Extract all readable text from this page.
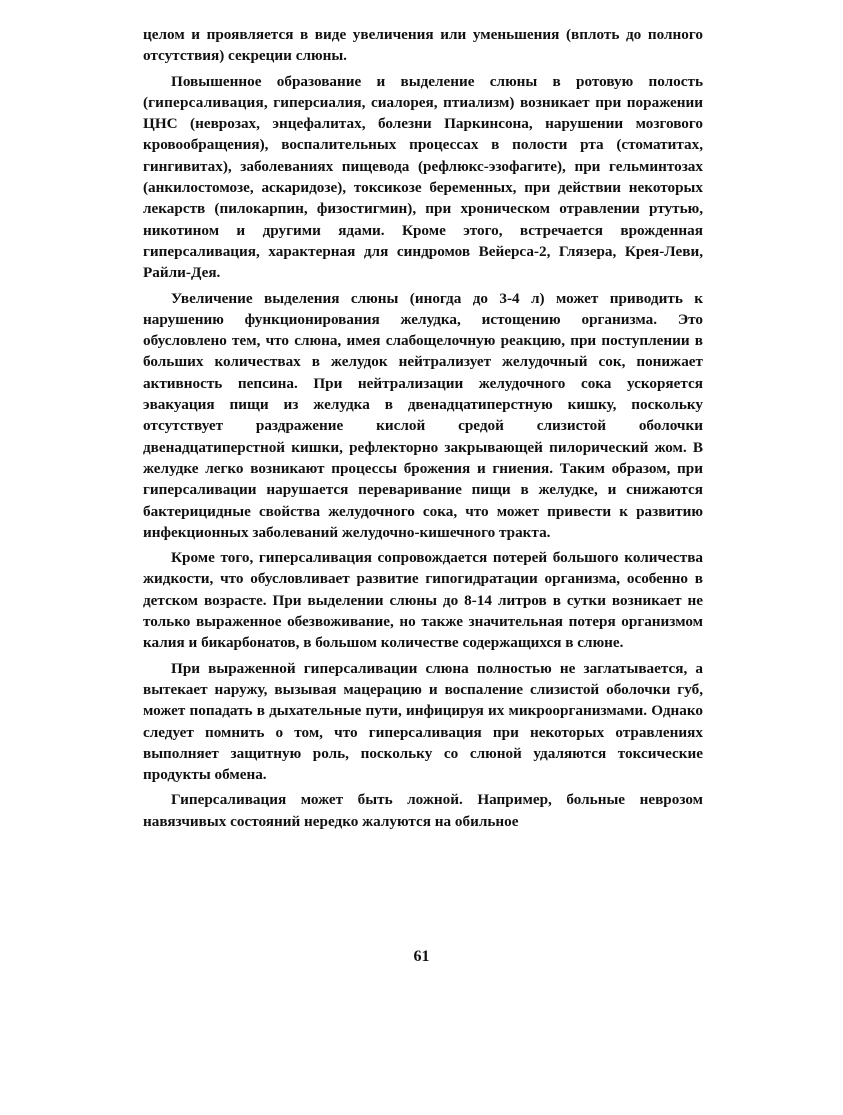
целом и проявляется в виде увеличения или уменьшения (вплоть до полного отсутствия) секреции слюны.

Повышенное образование и выделение слюны в ротовую полость (гиперсаливация, гиперсиалия, сиалорея, птиализм) возникает при поражении ЦНС (неврозах, энцефалитах, болезни Паркинсона, нарушении мозгового кровообращения), воспалительных процессах в полости рта (стоматитах, гингивитах), заболеваниях пищевода (рефлюкс-эзофагите), при гельминтозах (анкилостомозе, аскаридозе), токсикозе беременных, при действии некоторых лекарств (пилокарпин, физостигмин), при хроническом отравлении ртутью, никотином и другими ядами. Кроме этого, встречается врожденная гиперсаливация, характерная для синдромов Вейерса-2, Глязера, Крея-Леви, Райли-Дея.

Увеличение выделения слюны (иногда до 3-4 л) может приводить к нарушению функционирования желудка, истощению организма. Это обусловлено тем, что слюна, имея слабощелочную реакцию, при поступлении в больших количествах в желудок нейтрализует желудочный сок, понижает активность пепсина. При нейтрализации желудочного сока ускоряется эвакуация пищи из желудка в двенадцатиперстную кишку, поскольку отсутствует раздражение кислой средой слизистой оболочки двенадцатиперстной кишки, рефлекторно закрывающей пилорический жом. В желудке легко возникают процессы брожения и гниения. Таким образом, при гиперсаливации нарушается переваривание пищи в желудке, и снижаются бактерицидные свойства желудочного сока, что может привести к развитию инфекционных заболеваний желудочно-кишечного тракта.

Кроме того, гиперсаливация сопровождается потерей большого количества жидкости, что обусловливает развитие гипогидратации организма, особенно в детском возрасте. При выделении слюны до 8-14 литров в сутки возникает не только выраженное обезвоживание, но также значительная потеря организмом калия и бикарбонатов, в большом количестве содержащихся в слюне.

При выраженной гиперсаливации слюна полностью не заглатывается, а вытекает наружу, вызывая мацерацию и воспаление слизистой оболочки губ, может попадать в дыхательные пути, инфицируя их микроорганизмами. Однако следует помнить о том, что гиперсаливация при некоторых отравлениях выполняет защитную роль, поскольку со слюной удаляются токсические продукты обмена.

Гиперсаливация может быть ложной. Например, больные неврозом навязчивых состояний нередко жалуются на обильное

61
